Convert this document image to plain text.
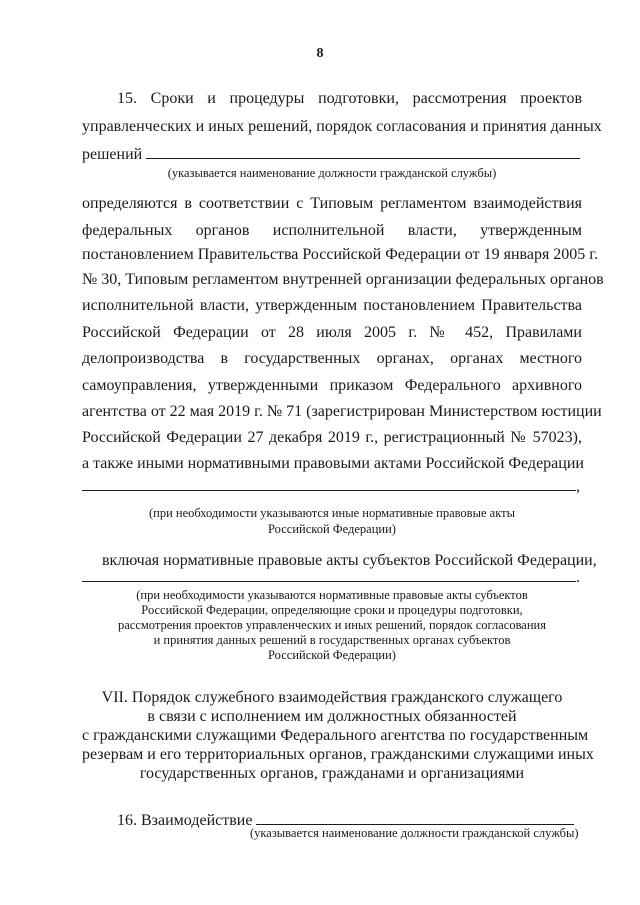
8
15. Сроки и процедуры подготовки, рассмотрения проектов
управленческих и иных решений, порядок согласования и принятия данных
решений
(указывается наименование должности гражданской службы)
определяются в соответствии с Типовым регламентом взаимодействия
федеральных органов исполнительной власти, утвержденным
постановлением Правительства Российской Федерации от 19 января 2005 г.
№ 30, Типовым регламентом внутренней организации федеральных органов
исполнительной власти, утвержденным постановлением Правительства
Российской Федерации от 28 июля 2005 г. № 452, Правилами
делопроизводства в государственных органах, органах местного
самоуправления, утвержденными приказом Федерального архивного
агентства от 22 мая 2019 г. № 71 (зарегистрирован Министерством юстиции
Российской Федерации 27 декабря 2019 г., регистрационный № 57023),
а также иными нормативными правовыми актами Российской Федерации
,
(при необходимости указываются иные нормативные правовые акты
Российской Федерации)
включая нормативные правовые акты субъектов Российской Федерации,
.
(при необходимости указываются нормативные правовые акты субъектов
Российской Федерации, определяющие сроки и процедуры подготовки,
рассмотрения проектов управленческих и иных решений, порядок согласования
и принятия данных решений в государственных органах субъектов
Российской Федерации)
VII. Порядок служебного взаимодействия гражданского служащего
в связи с исполнением им должностных обязанностей
с гражданскими служащими Федерального агентства по государственным
резервам и его территориальных органов, гражданскими служащими иных
государственных органов, гражданами и организациями
16. Взаимодействие
(указывается наименование должности гражданской службы)
